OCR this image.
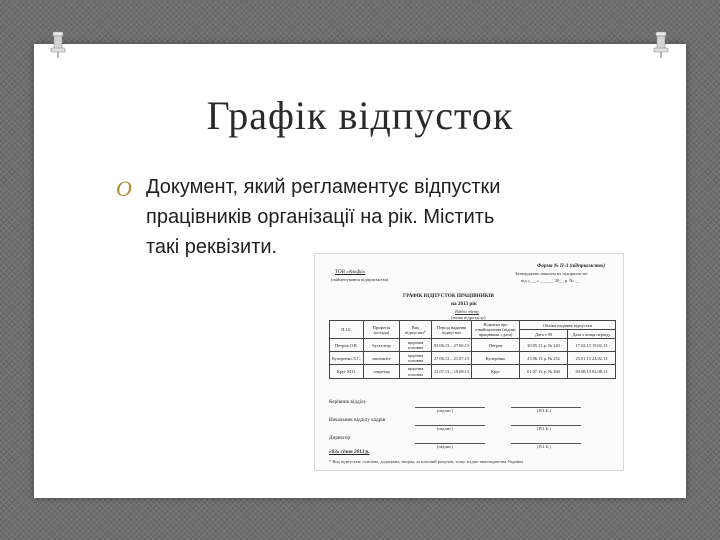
Графік відпусток
O Документ, який регламентує відпустки
працівників організації на рік. Містить
такі реквізити.
Форма № П-3 (підприємство)
Затверджено наказом на підприємстві
від «___» ______ 20__ р. № __
ТОВ «Альфа»
(найменування підприємства)
ГРАФІК ВІДПУСТОК ПРАЦІВНИКІВ
на 2013 рік
Відділ збуту
(назва підрозділу)
П.І.Б.	Професія (посада)	Вид відпустки*	Період надання відпустки	Відмітка про ознайомлення (підпис працівника і дата)	Обліки надання відпустки	
					Дата з 09	Дата з кінця періоду
Петров О.В.	бухгалтер	щорічна основна	03.06.13 – 27.06.13	Петров	30.05.13 р. № 243	17.02.13 19.02.13
Кучеренко Л.С.	економіст	щорічна основна	27.06.13 – 21.07.13	Кучеренко	25.06.13 р. № 252	25.01.13 24.02.13
Круг М.О.	секретар	щорічна основна	21.07.13 – 19.08.13	Круг	01.07.13 р. № 260	03.08.13 02.08.13
Керівник відділу
(підпис)	(П.І.Б.)
Начальник відділу кадрів
(підпис)	(П.І.Б.)
Директор
(підпис)	(П.І.Б.)
«03» січня 2013 р.
* Вид відпустки: основна, додаткова, творча, за власний рахунок, тощо згідно законодавства України
